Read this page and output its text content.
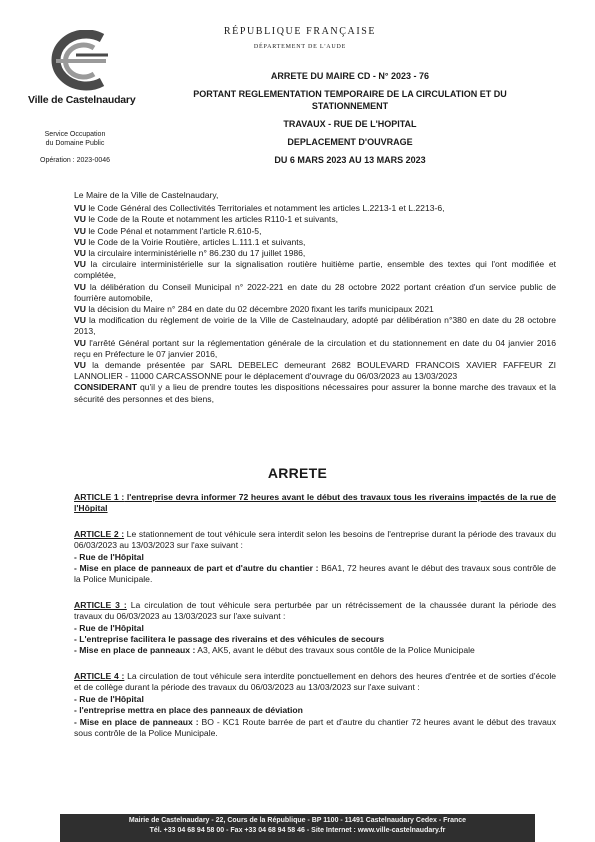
RÉPUBLIQUE FRANÇAISE
DÉPARTEMENT DE L'AUDE
Ville de Castelnaudary
Service Occupation
du Domaine Public
Opération : 2023-0046

ARRETE DU MAIRE CD - N° 2023 - 76

PORTANT REGLEMENTATION TEMPORAIRE DE LA CIRCULATION ET DU

STATIONNEMENT

TRAVAUX - RUE DE L'HOPITAL

DEPLACEMENT D'OUVRAGE

DU 6 MARS 2023 AU 13 MARS 2023

Le Maire de la Ville de Castelnaudary,

VU le Code Général des Collectivités Territoriales et notamment les articles L.2213-1 et L.2213-6,

VU le Code de la Route et notamment les articles R110-1 et suivants,

VU le Code Pénal et notamment l'article R.610-5,

VU le Code de la Voirie Routière, articles L.111.1 et suivants,

VU la circulaire interministérielle n° 86.230 du 17 juillet 1986,

VU la circulaire interministérielle sur la signalisation routière huitième partie, ensemble des textes qui l'ont modifiée et complétée,

VU la délibération du Conseil Municipal n° 2022-221 en date du 28 octobre 2022 portant création d'un service public de fourrière automobile,

VU la décision du Maire n° 284 en date du 02 décembre 2020 fixant les tarifs municipaux 2021

VU la modification du règlement de voirie de la Ville de Castelnaudary, adopté par délibération n°380 en date du 28 octobre 2013,

VU l'arrêté Général portant sur la réglementation générale de la circulation et du stationnement en date du 04 janvier 2016 reçu en Préfecture le 07 janvier 2016,

VU la demande présentée par SARL DEBELEC demeurant 2682 BOULEVARD FRANCOIS XAVIER FAFFEUR ZI LANNOLIER - 11000 CARCASSONNE pour le déplacement d'ouvrage du 06/03/2023 au 13/03/2023

CONSIDERANT qu'il y a lieu de prendre toutes les dispositions nécessaires pour assurer la bonne marche des travaux et la sécurité des personnes et des biens,

ARRETE

ARTICLE 1 : l'entreprise devra informer 72 heures avant le début des travaux tous les riverains impactés de la rue de l'Hôpital

ARTICLE 2 : Le stationnement de tout véhicule sera interdit selon les besoins de l'entreprise durant la période des travaux du 06/03/2023 au 13/03/2023 sur l'axe suivant :

- Rue de l'Hôpital

- Mise en place de panneaux de part et d'autre du chantier : B6A1, 72 heures avant le début des travaux sous contrôle de la Police Municipale.

ARTICLE 3 : La circulation de tout véhicule sera perturbée par un rétrécissement de la chaussée durant la période des travaux du 06/03/2023 au 13/03/2023 sur l'axe suivant :

- Rue de l'Hôpital

- L'entreprise facilitera le passage des riverains et des véhicules de secours

- Mise en place de panneaux : A3, AK5, avant le début des travaux sous contôle de la Police Municipale

ARTICLE 4 : La circulation de tout véhicule sera interdite ponctuellement en dehors des heures d'entrée et de sorties d'école et de collège durant la période des travaux du 06/03/2023 au 13/03/2023 sur l'axe suivant :

- Rue de l'Hôpital

- l'entreprise mettra en place des panneaux de déviation

- Mise en place de panneaux : BO - KC1 Route barrée de part et d'autre du chantier 72 heures avant le début des travaux sous contrôle de la Police Municipale.

Mairie de Castelnaudary - 22, Cours de la République - BP 1100 - 11491 Castelnaudary Cedex - France
Tél. +33 04 68 94 58 00 - Fax +33 04 68 94 58 46 - Site Internet : www.ville-castelnaudary.fr
